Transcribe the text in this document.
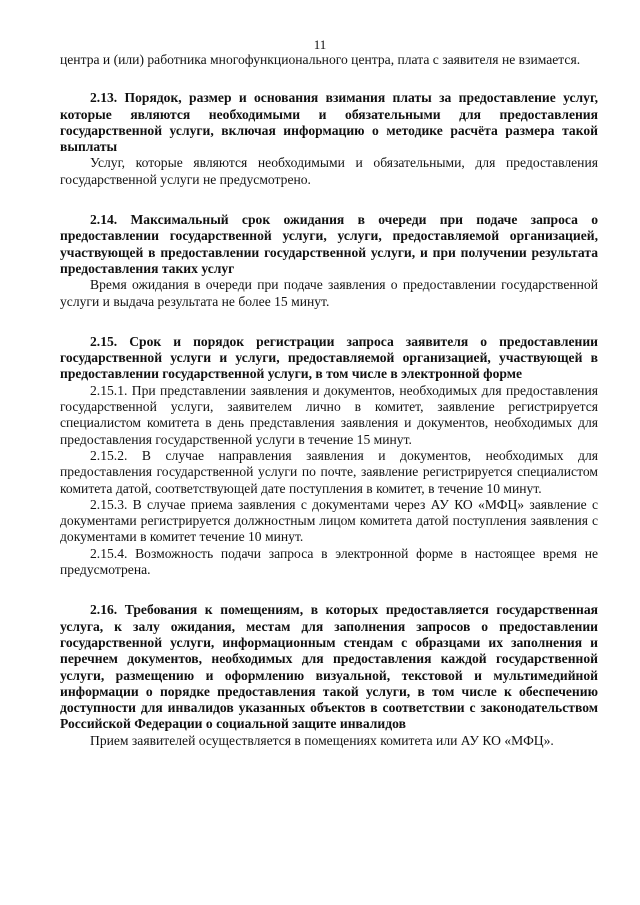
11

центра и (или) работника многофункционального центра, плата с заявителя не взимается.

2.13. Порядок, размер и основания взимания платы за предоставление услуг, которые являются необходимыми и обязательными для предоставления государственной услуги, включая информацию о методике расчёта размера такой выплаты

Услуг, которые являются необходимыми и обязательными, для предоставления государственной услуги не предусмотрено.

2.14. Максимальный срок ожидания в очереди при подаче запроса о предоставлении государственной услуги, услуги, предоставляемой организацией, участвующей в предоставлении государственной услуги, и при получении результата предоставления таких услуг

Время ожидания в очереди при подаче заявления о предоставлении государственной услуги и выдача результата не более 15 минут.

2.15. Срок и порядок регистрации запроса заявителя о предоставлении государственной услуги и услуги, предоставляемой организацией, участвующей в предоставлении государственной услуги, в том числе в электронной форме

2.15.1. При представлении заявления и документов, необходимых для предоставления государственной услуги, заявителем лично в комитет, заявление регистрируется специалистом комитета в день представления заявления и документов, необходимых для предоставления государственной услуги в течение 15 минут.

2.15.2. В случае направления заявления и документов, необходимых для предоставления государственной услуги по почте, заявление регистрируется специалистом комитета датой, соответствующей дате поступления в комитет, в течение 10 минут.

2.15.3. В случае приема заявления с документами через АУ КО «МФЦ» заявление с документами регистрируется должностным лицом комитета датой поступления заявления с документами в комитет течение 10 минут.

2.15.4. Возможность подачи запроса в электронной форме в настоящее время не предусмотрена.

2.16. Требования к помещениям, в которых предоставляется государственная услуга, к залу ожидания, местам для заполнения запросов о предоставлении государственной услуги, информационным стендам с образцами их заполнения и перечнем документов, необходимых для предоставления каждой государственной услуги, размещению и оформлению визуальной, текстовой и мультимедийной информации о порядке предоставления такой услуги, в том числе к обеспечению доступности для инвалидов указанных объектов в соответствии с законодательством Российской Федерации о социальной защите инвалидов

Прием заявителей осуществляется в помещениях комитета или АУ КО «МФЦ».
